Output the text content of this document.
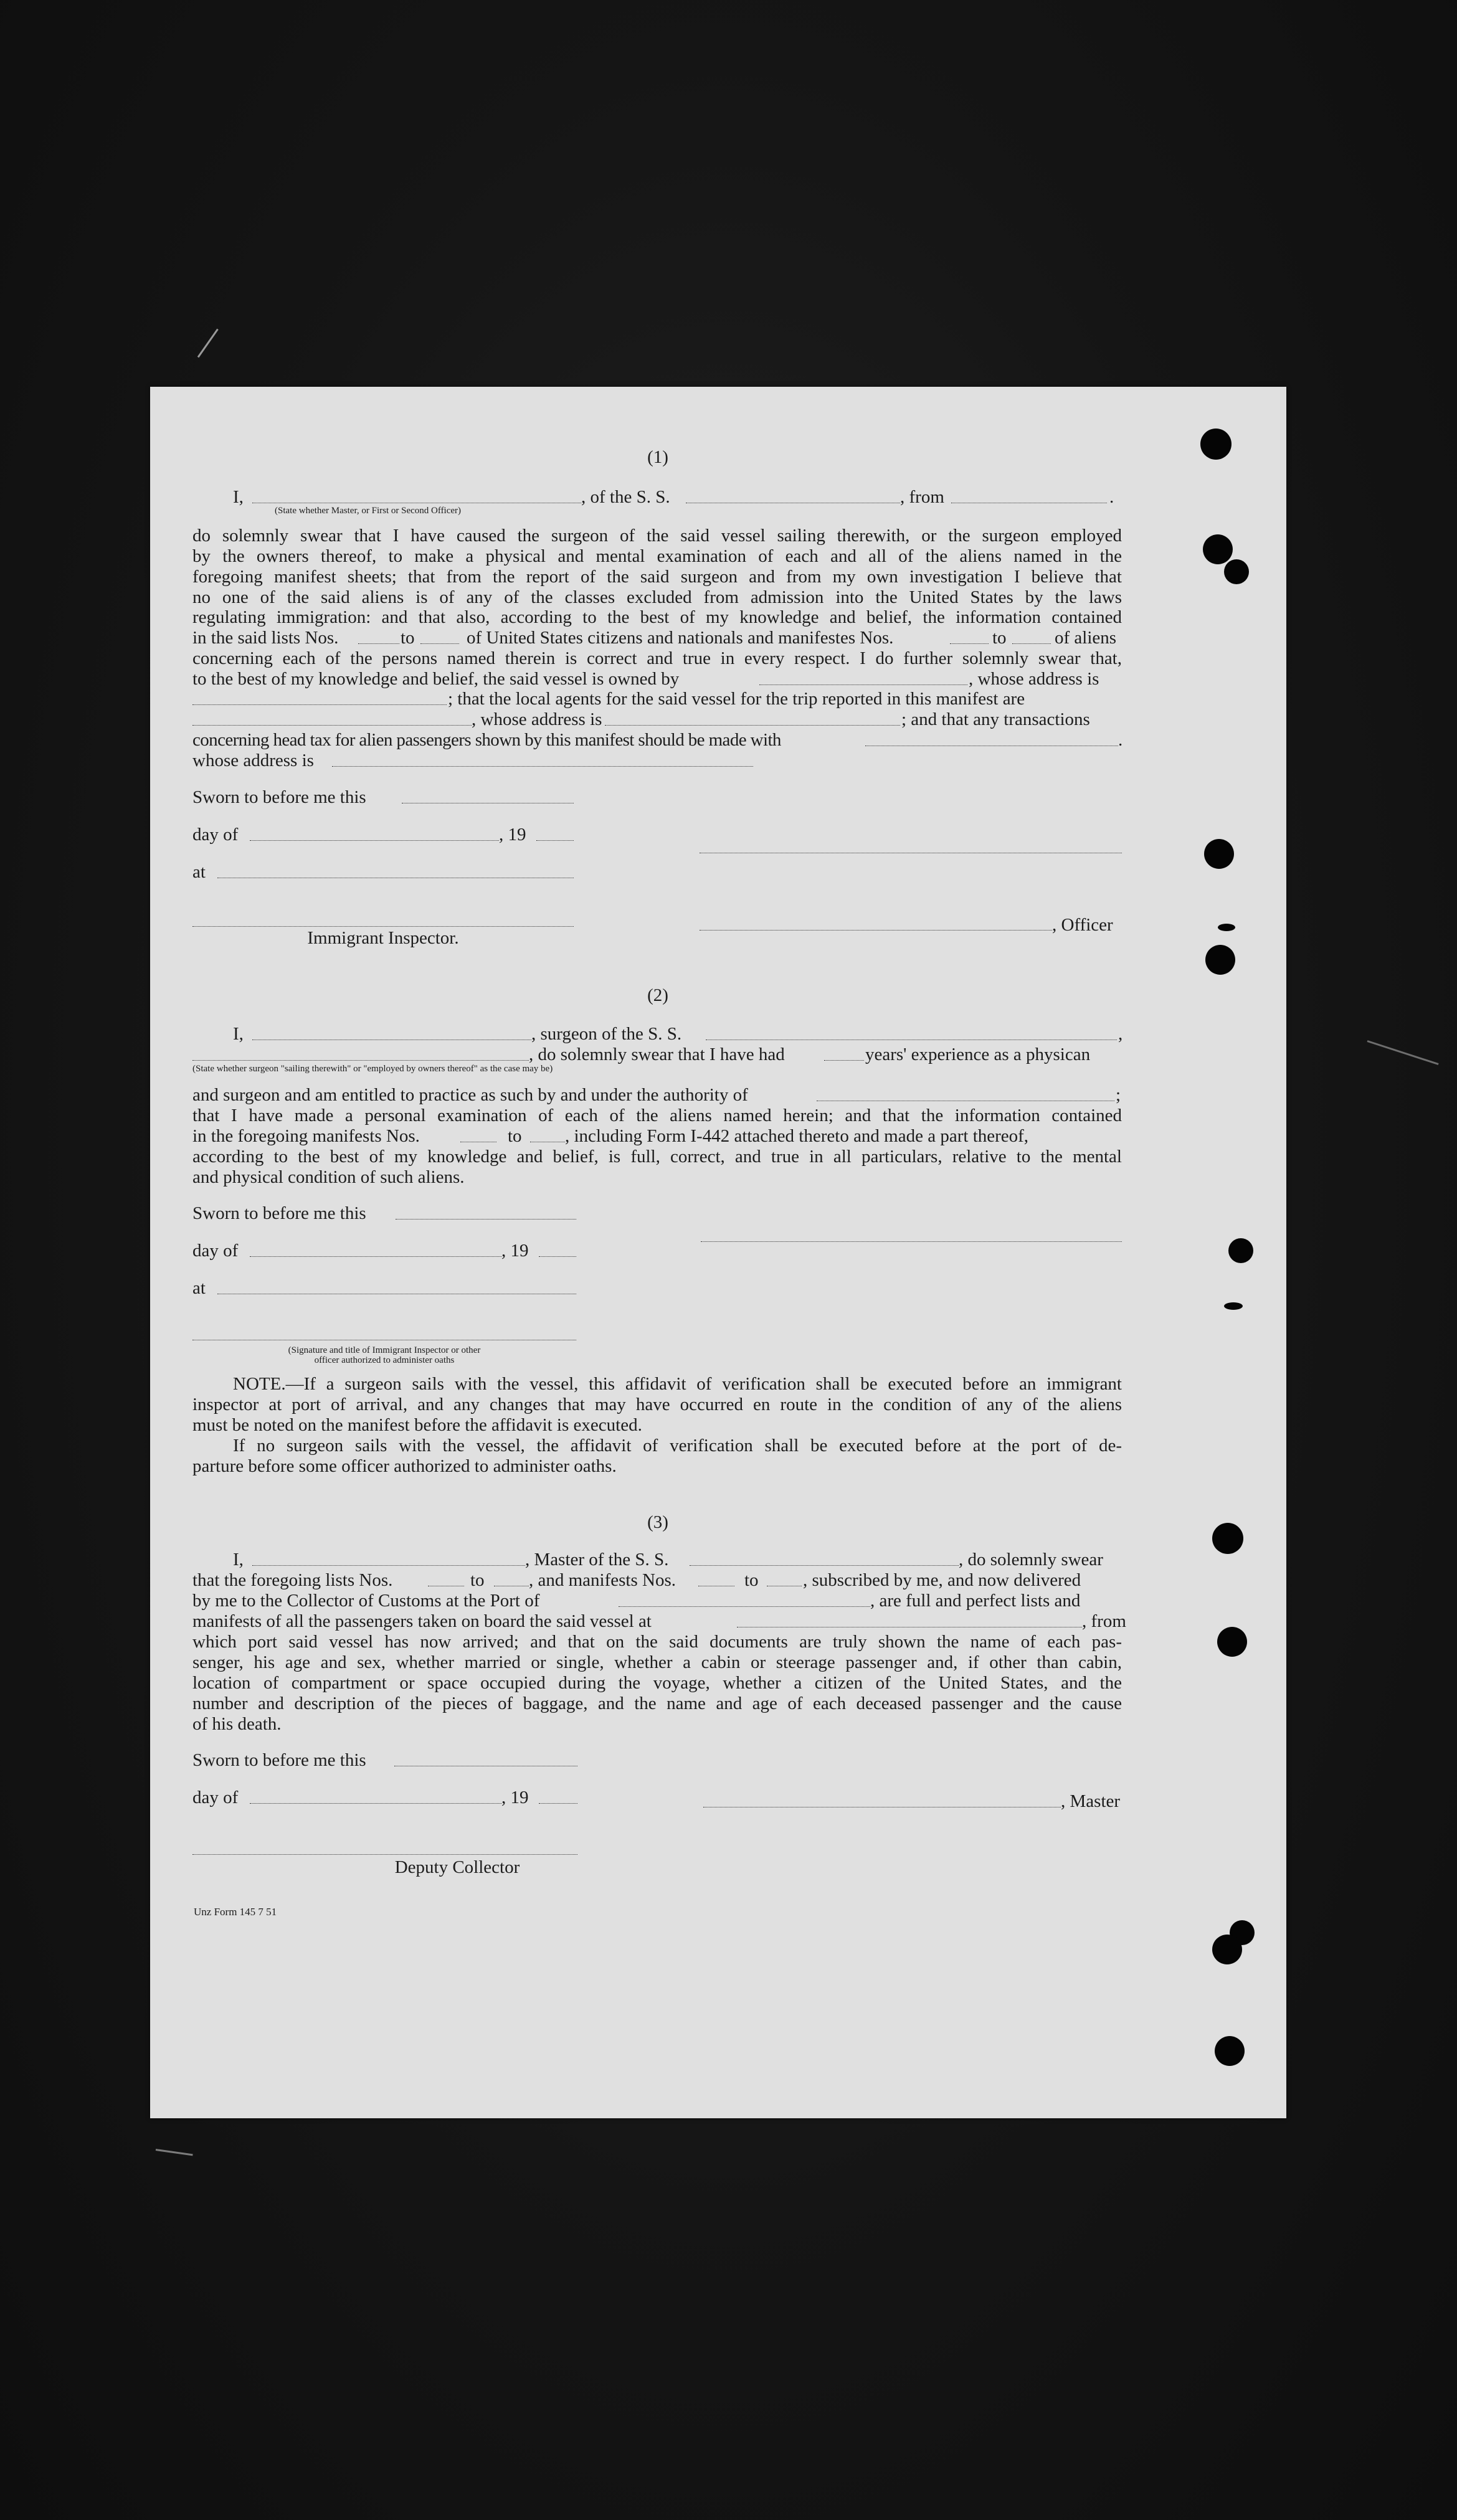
(1)
I,	, of the S. S.	, from	.
(State whether Master, or First or Second Officer)
do solemnly swear that I have caused the surgeon of the said vessel sailing therewith, or the surgeon employed
by the owners thereof, to make a physical and mental examination of each and all of the aliens named in the
foregoing manifest sheets; that from the report of the said surgeon and from my own investigation I believe that
no one of the said aliens is of any of the classes excluded from admission into the United States by the laws
regulating immigration: and that also, according to the best of my knowledge and belief, the information contained
in the said lists Nos.	to	of United States citizens and nationals and manifestes Nos.	to	of aliens
concerning each of the persons named therein is correct and true in every respect. I do further solemnly swear that,
to the best of my knowledge and belief, the said vessel is owned by	, whose address is
; that the local agents for the said vessel for the trip reported in this manifest are
, whose address is	; and that any transactions
concerning head tax for alien passengers shown by this manifest should be made with	.
whose address is
Sworn to before me this
day of	, 19
at
, Officer
Immigrant Inspector.
(2)
I,	, surgeon of the S. S.	,
, do solemnly swear that I have had	years' experience as a physican
(State whether surgeon "sailing therewith" or "employed by owners thereof" as the case may be)
and surgeon and am entitled to practice as such by and under the authority of	;
that I have made a personal examination of each of the aliens named herein; and that the information contained
in the foregoing manifests Nos.	to , including Form I-442 attached thereto and made a part thereof,
according to the best of my knowledge and belief, is full, correct, and true in all particulars, relative to the mental
and physical condition of such aliens.
Sworn to before me this
day of	, 19
at
(Signature and title of Immigrant Inspector or other
officer authorized to administer oaths
NOTE.—If a surgeon sails with the vessel, this affidavit of verification shall be executed before an immigrant
inspector at port of arrival, and any changes that may have occurred en route in the condition of any of the aliens
must be noted on the manifest before the affidavit is executed.
If no surgeon sails with the vessel, the affidavit of verification shall be executed before at the port of de-
parture before some officer authorized to administer oaths.
(3)
I,	, Master of the S. S.	, do solemnly swear
that the foregoing lists Nos.	to , and manifests Nos.	to , subscribed by me, and now delivered
by me to the Collector of Customs at the Port of	, are full and perfect lists and
manifests of all the passengers taken on board the said vessel at	, from
which port said vessel has now arrived; and that on the said documents are truly shown the name of each pas-
senger, his age and sex, whether married or single, whether a cabin or steerage passenger and, if other than cabin,
location of compartment or space occupied during the voyage, whether a citizen of the United States, and the
number and description of the pieces of baggage, and the name and age of each deceased passenger and the cause
of his death.
Sworn to before me this
day of	, 19	, Master
Deputy Collector
Unz Form 145 7 51
